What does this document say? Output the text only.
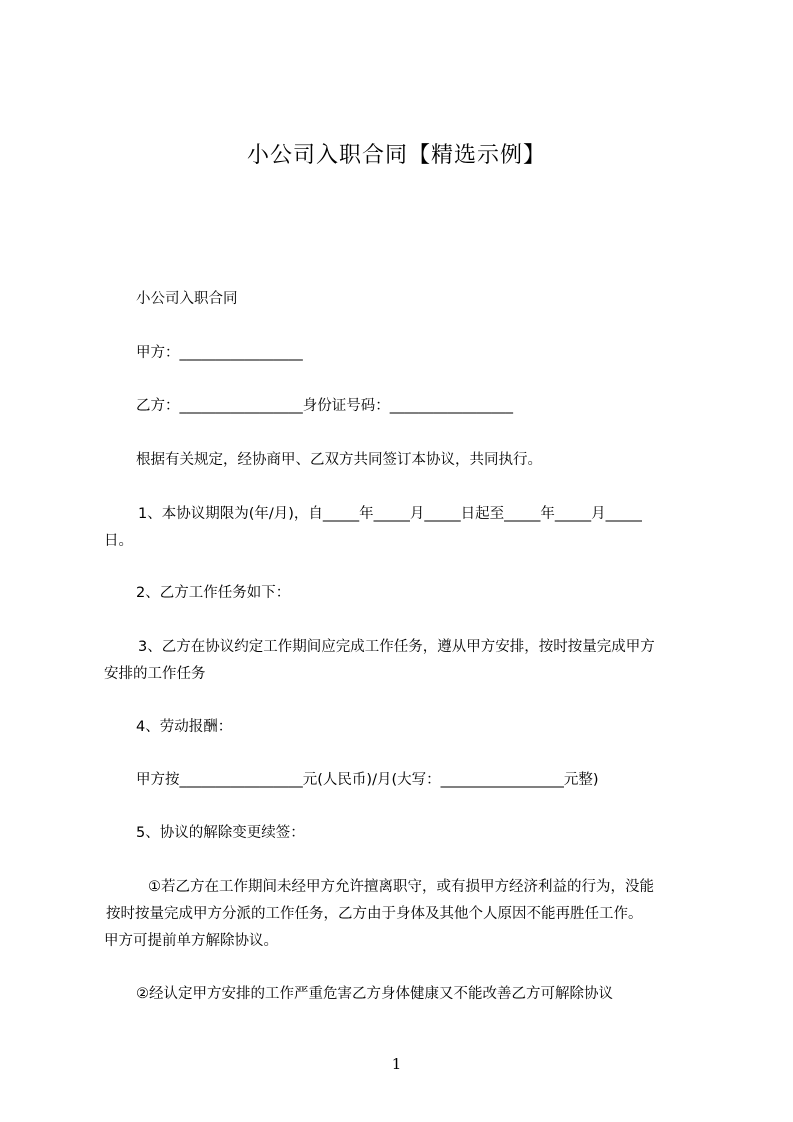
小公司入职合同【精选示例】
小公司入职合同
甲方：_________________
乙方：_________________身份证号码：_________________
根据有关规定，经协商甲、乙双方共同签订本协议，共同执行。
1、本协议期限为(年/月)，自_____年_____月_____日起至_____年_____月_____
日。
2、乙方工作任务如下：
3、乙方在协议约定工作期间应完成工作任务，遵从甲方安排，按时按量完成甲方
安排的工作任务
4、劳动报酬：
甲方按_________________元(人民币)/月(大写：_________________元整)
5、协议的解除变更续签：
①若乙方在工作期间未经甲方允许擅离职守，或有损甲方经济利益的行为，没能
按时按量完成甲方分派的工作任务，乙方由于身体及其他个人原因不能再胜任工作。
甲方可提前单方解除协议。
②经认定甲方安排的工作严重危害乙方身体健康又不能改善乙方可解除协议
1
